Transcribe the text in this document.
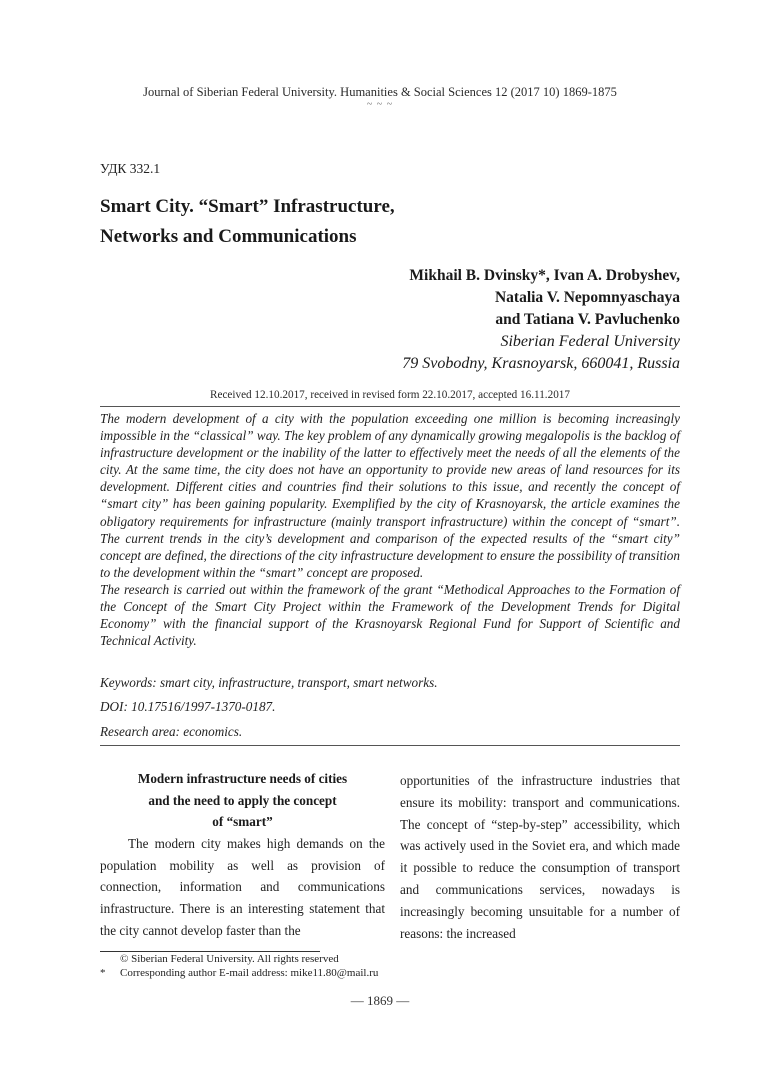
Journal of Siberian Federal University. Humanities & Social Sciences 12 (2017 10) 1869-1875
~ ~ ~
УДК 332.1
Smart City. “Smart” Infrastructure,
Networks and Communications
Mikhail B. Dvinsky*, Ivan A. Drobyshev,
Natalia V. Nepomnyaschaya
and Tatiana V. Pavluchenko
Siberian Federal University
79 Svobodny, Krasnoyarsk, 660041, Russia
Received 12.10.2017, received in revised form 22.10.2017, accepted 16.11.2017

The modern development of a city with the population exceeding one million is becoming increasingly impossible in the “classical” way. The key problem of any dynamically growing megalopolis is the backlog of infrastructure development or the inability of the latter to effectively meet the needs of all the elements of the city. At the same time, the city does not have an opportunity to provide new areas of land resources for its development. Different cities and countries find their solutions to this issue, and recently the concept of “smart city” has been gaining popularity. Exemplified by the city of Krasnoyarsk, the article examines the obligatory requirements for infrastructure (mainly transport infrastructure) within the concept of “smart”. The current trends in the city’s development and comparison of the expected results of the “smart city” concept are defined, the directions of the city infrastructure development to ensure the possibility of transition to the development within the “smart” concept are proposed.

The research is carried out within the framework of the grant “Methodical Approaches to the Formation of the Concept of the Smart City Project within the Framework of the Development Trends for Digital Economy” with the financial support of the Krasnoyarsk Regional Fund for Support of Scientific and Technical Activity.

Keywords: smart city, infrastructure, transport, smart networks.
DOI: 10.17516/1997-1370-0187.
Research area: economics.
Modern infrastructure needs of cities
and the need to apply the concept
of “smart”

The modern city makes high demands on the population mobility as well as provision of connection, information and communications infrastructure. There is an interesting statement that the city cannot develop faster than the

opportunities of the infrastructure industries that ensure its mobility: transport and communications. The concept of “step-by-step” accessibility, which was actively used in the Soviet era, and which made it possible to reduce the consumption of transport and communications services, nowadays is increasingly becoming unsuitable for a number of reasons: the increased

© Siberian Federal University. All rights reserved
* Corresponding author E-mail address: mike11.80@mail.ru
— 1869 —
